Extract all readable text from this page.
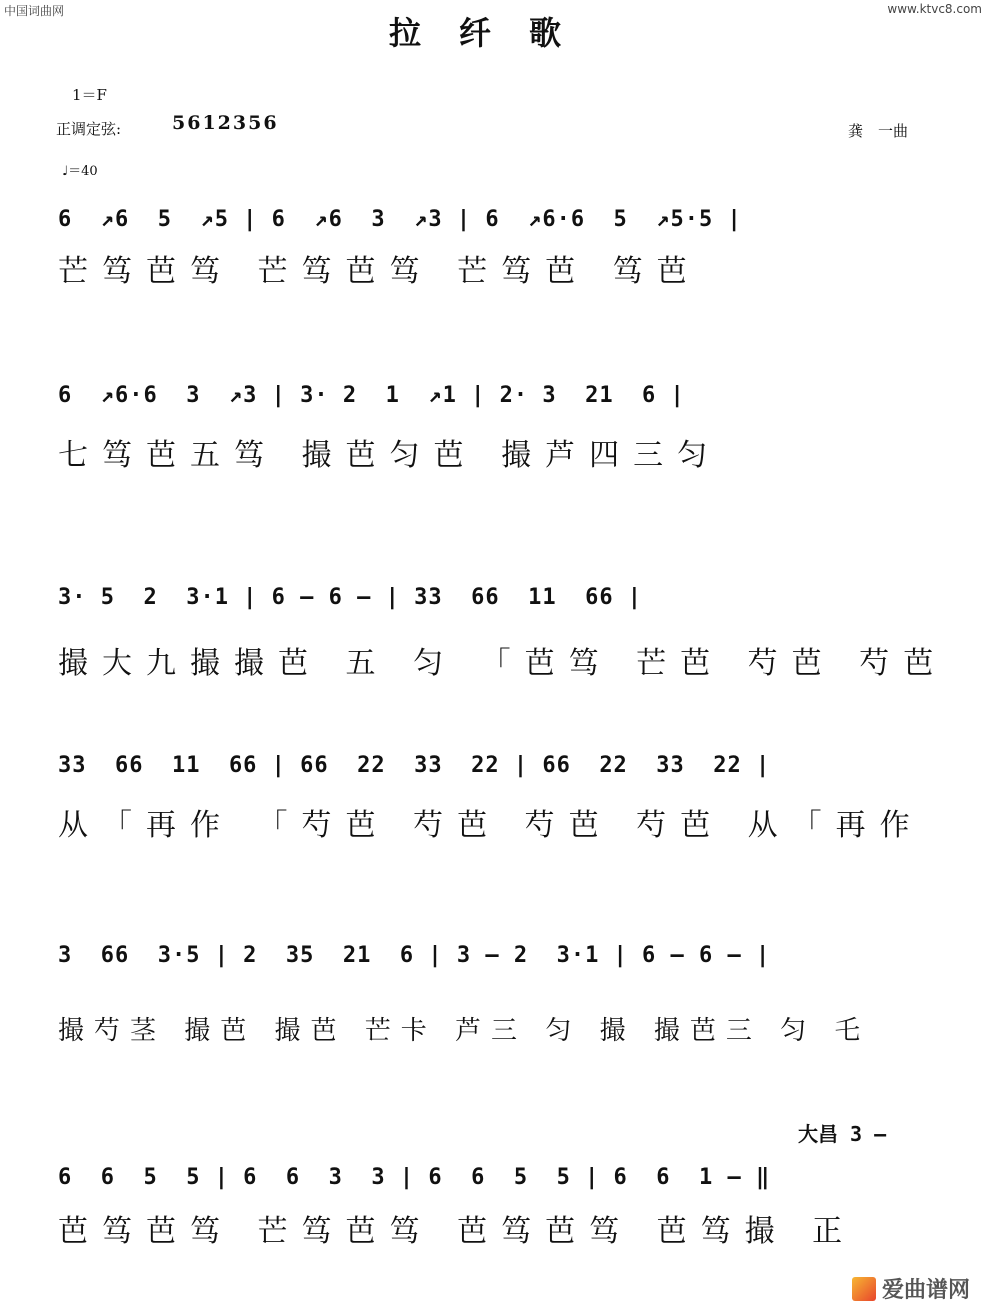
中国词曲网	www.ktvc8.com
拉纤歌
1＝F
正调定弦:	5612356
♩＝40
龚　一曲
6  ↗6  5  ↗5 | 6  ↗6  3  ↗3 | 6  ↗6·6  5  ↗5·5 |
芒笃芭笃 芒笃芭笃 芒笃芭 笃芭
6  ↗6·6  3  ↗3 | 3· 2  1  ↗1 | 2· 3  21  6 |
七笃芭五笃 撮芭匀芭 撮芦四三匀
3· 5  2  3·1 | 6 — 6 — | 33  66  11  66 |
撮大九撮撮芭 五 匀 「芭笃 芒芭 芍芭 芍芭
33  66  11  66 | 66  22  33  22 | 66  22  33  22 |
从「再作 「芍芭 芍芭 芍芭 芍芭 从「再作
3  66  3·5 | 2  35  21  6 | 3 — 2  3·1 | 6 — 6 — |
撮芍茎 撮芭 撮芭 芒卡 芦三 匀 撮 撮芭三 匀 乇
大昌 3 —
6  6  5  5 | 6  6  3  3 | 6  6  5  5 | 6  6  1 — ‖
芭笃芭笃 芒笃芭笃 芭笃芭笃 芭笃撮 正
爱曲谱网
